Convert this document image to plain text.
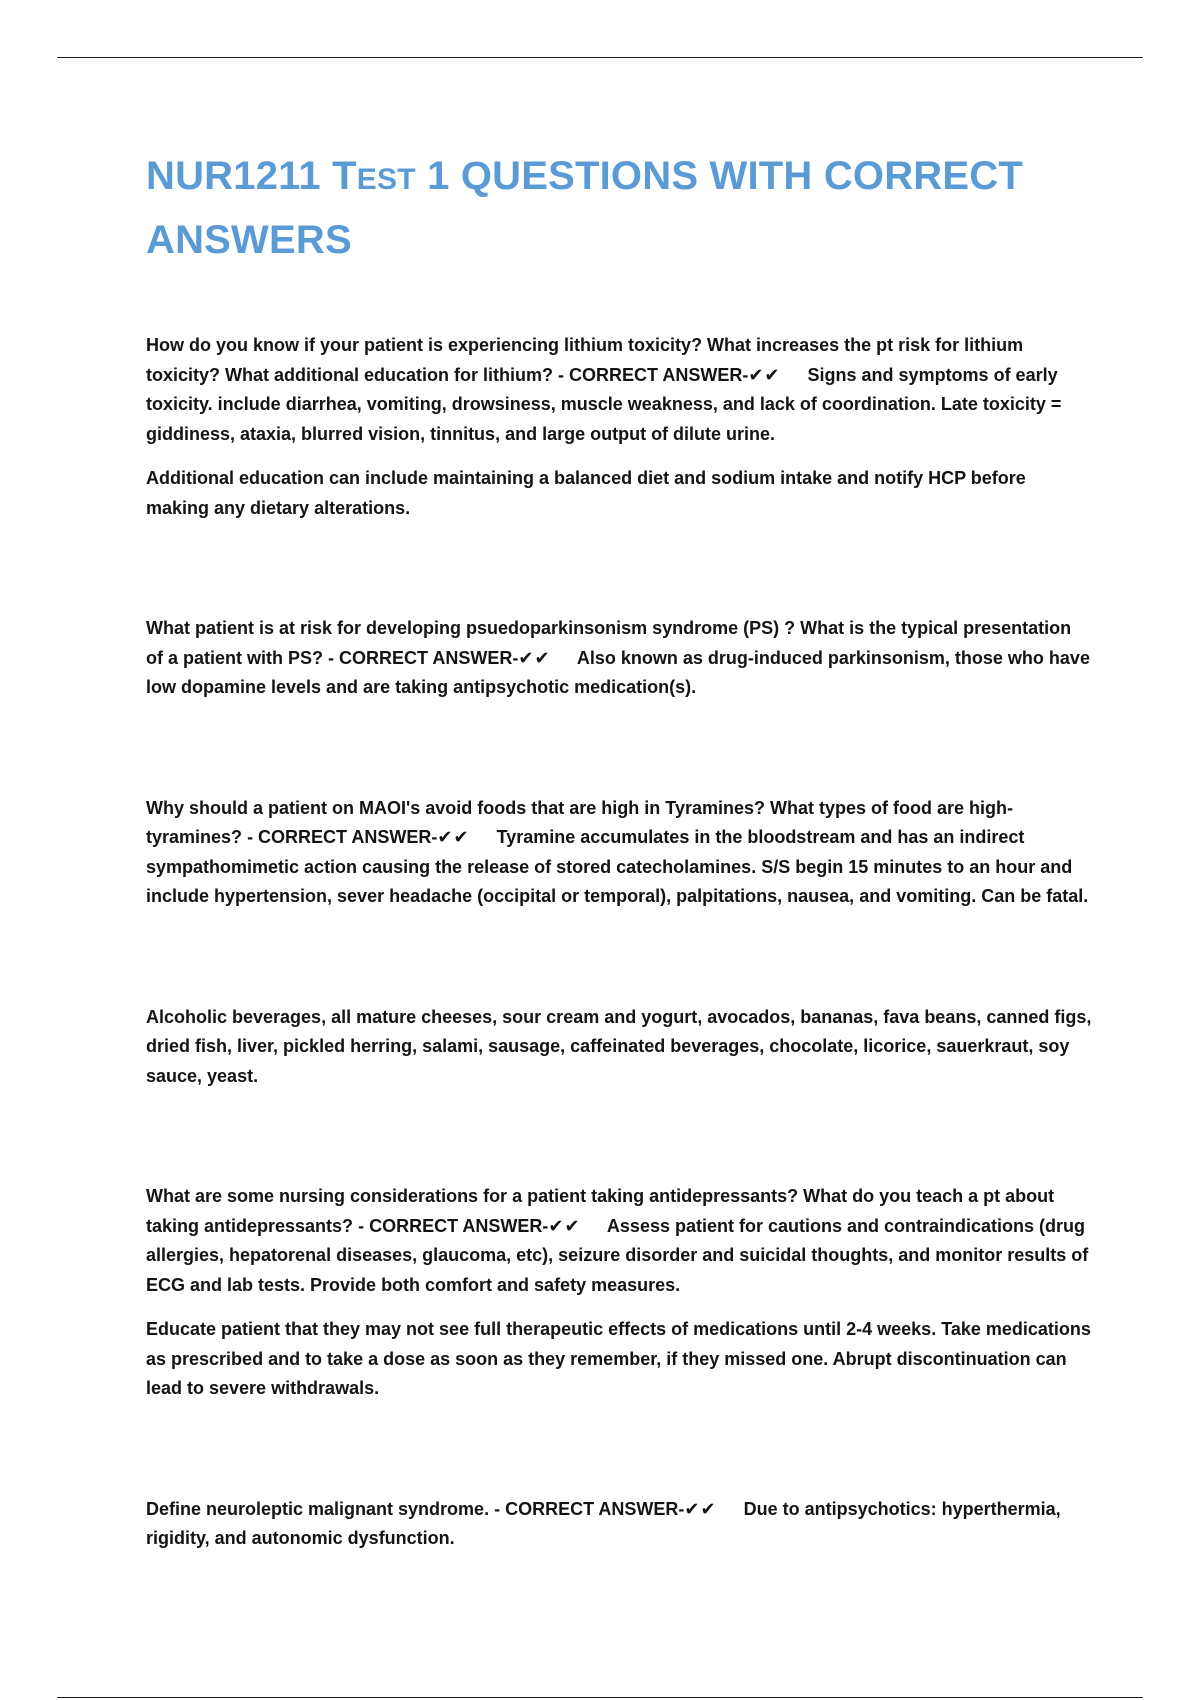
NUR1211 TEST 1 QUESTIONS WITH CORRECT ANSWERS

How do you know if your patient is experiencing lithium toxicity? What increases the pt risk for lithium toxicity? What additional education for lithium? - CORRECT ANSWER-✔✔ Signs and symptoms of early toxicity. include diarrhea, vomiting, drowsiness, muscle weakness, and lack of coordination. Late toxicity = giddiness, ataxia, blurred vision, tinnitus, and large output of dilute urine.

Additional education can include maintaining a balanced diet and sodium intake and notify HCP before making any dietary alterations.

What patient is at risk for developing psuedoparkinsonism syndrome (PS) ? What is the typical presentation of a patient with PS? - CORRECT ANSWER-✔✔ Also known as drug-induced parkinsonism, those who have low dopamine levels and are taking antipsychotic medication(s).

Why should a patient on MAOI's avoid foods that are high in Tyramines? What types of food are high-tyramines? - CORRECT ANSWER-✔✔ Tyramine accumulates in the bloodstream and has an indirect sympathomimetic action causing the release of stored catecholamines. S/S begin 15 minutes to an hour and include hypertension, sever headache (occipital or temporal), palpitations, nausea, and vomiting. Can be fatal.

Alcoholic beverages, all mature cheeses, sour cream and yogurt, avocados, bananas, fava beans, canned figs, dried fish, liver, pickled herring, salami, sausage, caffeinated beverages, chocolate, licorice, sauerkraut, soy sauce, yeast.

What are some nursing considerations for a patient taking antidepressants? What do you teach a pt about taking antidepressants? - CORRECT ANSWER-✔✔ Assess patient for cautions and contraindications (drug allergies, hepatorenal diseases, glaucoma, etc), seizure disorder and suicidal thoughts, and monitor results of ECG and lab tests. Provide both comfort and safety measures.

Educate patient that they may not see full therapeutic effects of medications until 2-4 weeks. Take medications as prescribed and to take a dose as soon as they remember, if they missed one. Abrupt discontinuation can lead to severe withdrawals.

Define neuroleptic malignant syndrome. - CORRECT ANSWER-✔✔ Due to antipsychotics: hyperthermia, rigidity, and autonomic dysfunction.
